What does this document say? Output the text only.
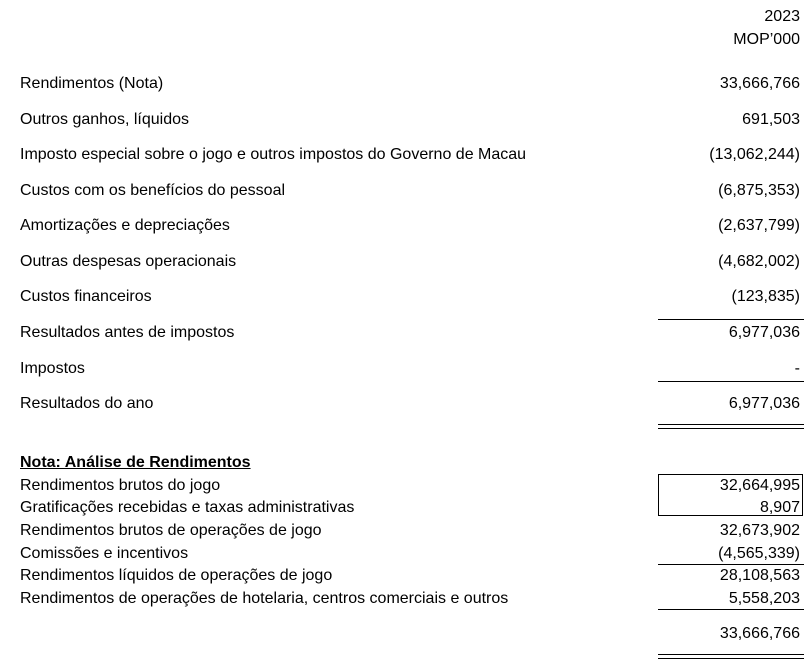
2023
MOP’000
Rendimentos (Nota)	33,666,766
Outros ganhos, líquidos	691,503
Imposto especial sobre o jogo e outros impostos do Governo de Macau	(13,062,244)
Custos com os benefícios do pessoal	(6,875,353)
Amortizações e depreciações	(2,637,799)
Outras despesas operacionais	(4,682,002)
Custos financeiros	(123,835)
Resultados antes de impostos	6,977,036
Impostos	-
Resultados do ano	6,977,036
Nota: Análise de Rendimentos
Rendimentos brutos do jogo	32,664,995
Gratificações recebidas e taxas administrativas	8,907
Rendimentos brutos de operações de jogo	32,673,902
Comissões e incentivos	(4,565,339)
Rendimentos líquidos de operações de jogo	28,108,563
Rendimentos de operações de hotelaria, centros comerciais e outros	5,558,203
33,666,766
